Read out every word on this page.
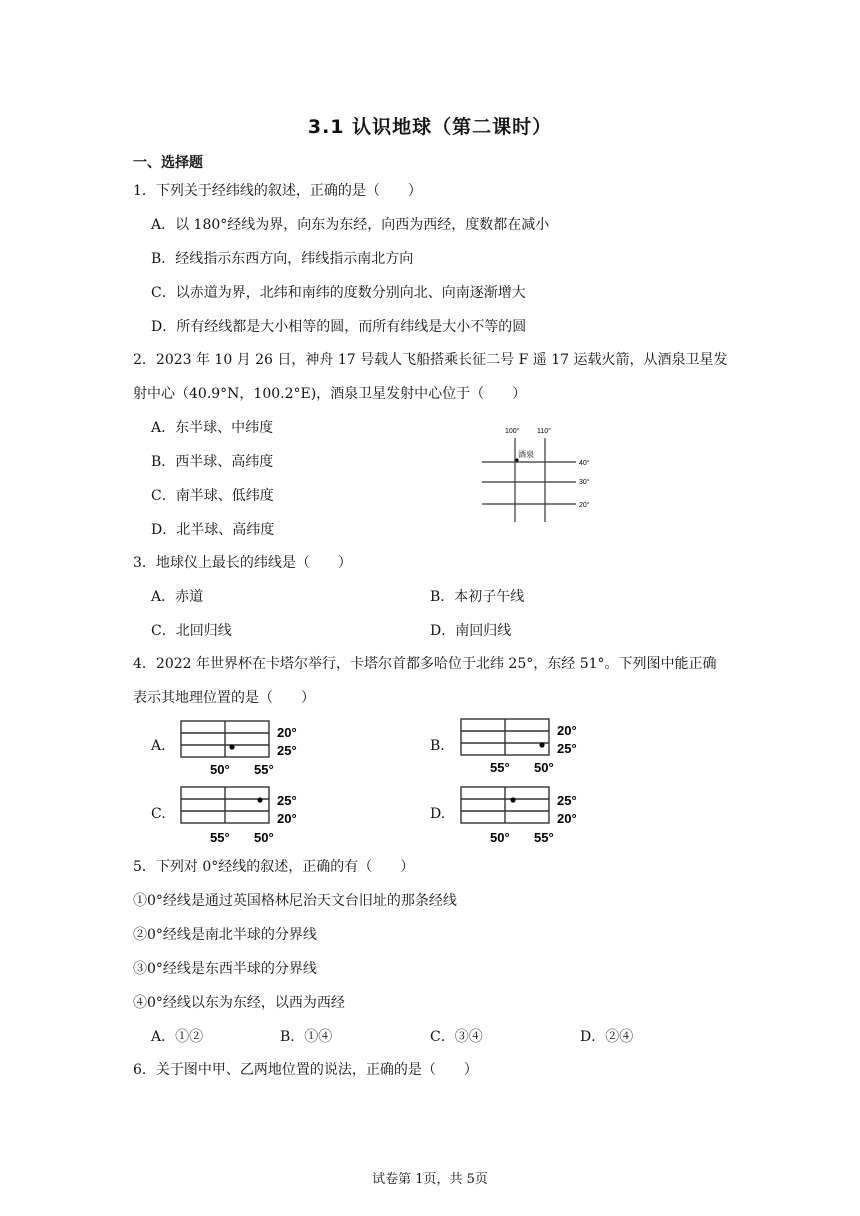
3.1 认识地球（第二课时）
一、选择题
1．下列关于经纬线的叙述，正确的是（　　）
A．以 180°经线为界，向东为东经，向西为西经，度数都在减小
B．经线指示东西方向，纬线指示南北方向
C．以赤道为界，北纬和南纬的度数分别向北、向南逐渐增大
D．所有经线都是大小相等的圆，而所有纬线是大小不等的圆
2．2023 年 10 月 26 日，神舟 17 号载人飞船搭乘长征二号 F 遥 17 运载火箭，从酒泉卫星发
射中心（40.9°N，100.2°E)，酒泉卫星发射中心位于（　　）
A．东半球、中纬度
B．西半球、高纬度
C．南半球、低纬度
D．北半球、高纬度
100°	110°
酒泉
40°
30°
20°
3．地球仪上最长的纬线是（　　）
A．赤道	B．本初子午线
C．北回归线	D．南回归线
4．2022 年世界杯在卡塔尔举行，卡塔尔首都多哈位于北纬 25°，东经 51°。下列图中能正确
表示其地理位置的是（　　）
A.
20°
25°
50° 55°
B.
20°
25°
55° 50°
C.
25°
20°
55° 50°
D.
25°
20°
50° 55°
5．下列对 0°经线的叙述，正确的有（　　）
①0°经线是通过英国格林尼治天文台旧址的那条经线
②0°经线是南北半球的分界线
③0°经线是东西半球的分界线
④0°经线以东为东经，以西为西经
A．①②	B．①④	C．③④	D．②④
6．关于图中甲、乙两地位置的说法，正确的是（　　）
试卷第 1页，共 5页
